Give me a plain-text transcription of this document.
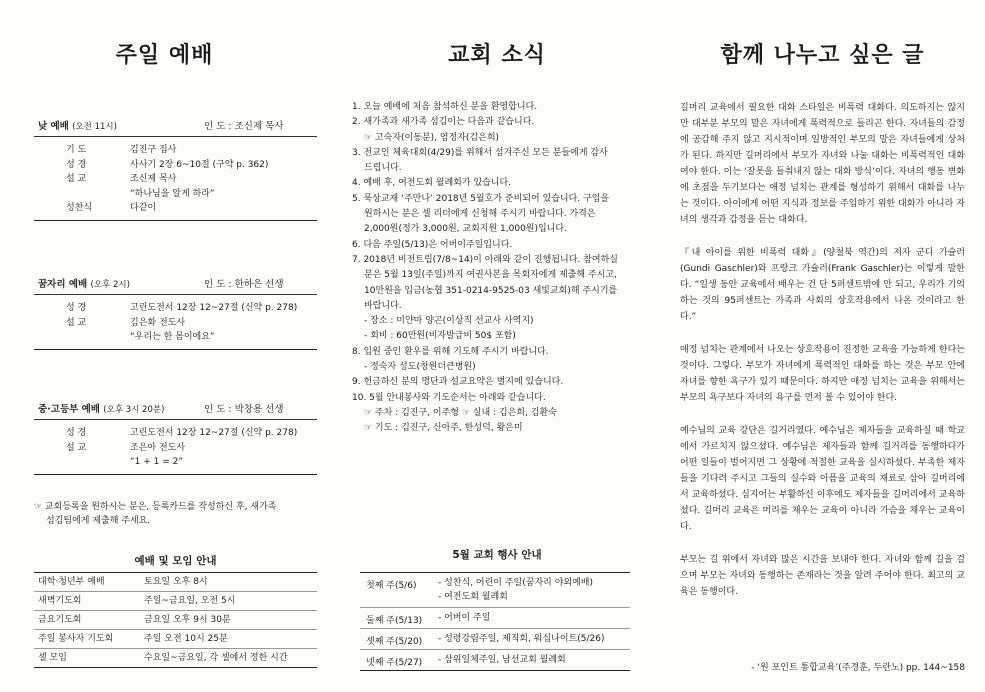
주일 예배
낮 예배 (오전 11시)	인 도 : 조신제 목사
기 도	김진구 집사
성 경	사사기 2장 6~10절 (구약 p. 362)
설 교	조신제 목사
“하나님을 알게 하라”
성찬식	다같이
꿈자리 예배 (오후 2시)	인 도 : 한하은 선생
성 경	고린도전서 12장 12~27절 (신약 p. 278)
설 교	김은화 전도사
“우리는 한 몸이에요”
중·고등부 예배 (오후 3시 20분)	인 도 : 박창용 선생
성 경	고린도전서 12장 12~27절 (신약 p. 278)
설 교	조은아 전도사
“1 + 1 = 2”
☞ 교회등록을 원하시는 분은, 등록카드를 작성하신 후, 새가족
섬김팀에게 제출해 주세요.
예배 및 모임 안내
대학·청년부 예배	토요일 오후 8시
새벽기도회	주일~금요일, 오전 5시
금요기도회	금요일 오후 9시 30분
주일 봉사자 기도회	주일 오전 10시 25분
셀 모임	수요일~금요일, 각 셀에서 정한 시간
교회 소식
1. 오늘 예배에 처음 참석하신 분을 환영합니다.
2. 새가족과 새가족 섬김이는 다음과 같습니다.
☞ 고숙자(이동분), 염정자(김은희)
3. 전교인 체육대회(4/29)를 위해서 섬겨주신 모든 분들에게 감사
드립니다.
4. 예배 후, 여전도회 월례회가 있습니다.
5. 묵상교재 ‘주만나’ 2018년 5월호가 준비되어 있습니다. 구입을
원하시는 분은 셀 리더에게 신청해 주시기 바랍니다. 가격은
2,000원(정가 3,000원, 교회지원 1,000원)입니다.
6. 다음 주일(5/13)은 어버이주일입니다.
7. 2018년 비전트립(7/8~14)이 아래와 같이 진행됩니다. 참여하실
분은 5월 13일(주일)까지 여권사본을 목회자에게 제출해 주시고,
10만원을 입금(농협 351-0214-9525-03 새빛교회)해 주시기를
바랍니다.
- 장소 : 미얀마 양곤(이상직 선교사 사역지)
- 회비 : 60만원(비자발급비 50$ 포함)
8. 입원 중인 환우를 위해 기도해 주시기 바랍니다.
- 정숙자 성도(창원더큰병원)
9. 헌금하신 분의 명단과 설교요약은 별지에 있습니다.
10. 5월 안내봉사와 기도순서는 아래와 같습니다.
☞ 주차 : 김진구, 이주형 ☞ 실내 : 김은희, 김환숙
☞ 기도 : 김진구, 신아주, 한성덕, 왕은미
5월 교회 행사 안내
첫째 주(5/6) - 성찬식, 어린이 주일(꿈자리 야외예배)
- 여전도회 월례회
둘째 주(5/13) - 어버이 주일
셋째 주(5/20) - 성령강림주일, 제직회, 워십나이트(5/26)
넷째 주(5/27) - 삼위일체주일, 남선교회 월례회
함께 나누고 싶은 글

길머리 교육에서 필요한 대화 스타일은 비폭력 대화다. 의도하지는 않지만 대부분 부모의 말은 자녀에게 폭력적으로 들리곤 한다. 자녀들의 감정에 공감해 주지 않고 지시적이며 일방적인 부모의 말은 자녀들에게 상처가 된다. 하지만 길머리에서 부모가 자녀와 나눌 대화는 비폭력적인 대화여야 한다. 이는 ‘잘못을 들춰내지 않는 대화 방식’이다. 자녀의 행동 변화에 초점을 두기보다는 애정 넘치는 관계를 형성하기 위해서 대화를 나누는 것이다. 아이에게 어떤 지식과 정보를 주입하기 위한 대화가 아니라 자녀의 생각과 감정을 듣는 대화다.

『내 아이를 위한 비폭력 대화』(양철북 역간)의 저자 군디 가슐러(Gundi Gaschler)와 프랑크 가슐러(Frank Gaschler)는 이렇게 말한다. “일생 동안 교육에서 배우는 건 단 5퍼센트밖에 안 되고, 우리가 기억하는 것의 95퍼센트는 가족과 사회의 상호작용에서 나온 것이라고 한다.”

애정 넘치는 관계에서 나오는 상호작용이 진정한 교육을 가능하게 한다는 것이다. 그렇다. 부모가 자녀에게 폭력적인 대화를 하는 것은 부모 안에 자녀를 향한 욕구가 있기 때문이다. 하지만 애정 넘치는 교육을 위해서는 부모의 욕구보다 자녀의 욕구를 먼저 볼 수 있어야 한다.

예수님의 교육 강단은 길거리였다. 예수님은 제자들을 교육하실 때 학교에서 가르치지 않으셨다. 예수님은 제자들과 함께 길거리를 동행하다가 어떤 일들이 벌어지면 그 상황에 적절한 교육을 실시하셨다. 부족한 제자들을 기다려 주시고 그들의 실수와 아픔을 교육의 재료로 삼아 길머리에서 교육하셨다. 심지어는 부활하신 이후에도 제자들을 길머리에서 교육하셨다. 길머리 교육은 머리를 채우는 교육이 아니라 가슴을 채우는 교육이다.

부모는 길 위에서 자녀와 많은 시간을 보내야 한다. 자녀와 함께 길을 걸으며 부모는 자녀와 동행하는 존재라는 것을 알려 주어야 한다. 최고의 교육은 동행이다.

- ‘원 포인트 통합교육’(주경훈, 두란노) pp. 144~158
